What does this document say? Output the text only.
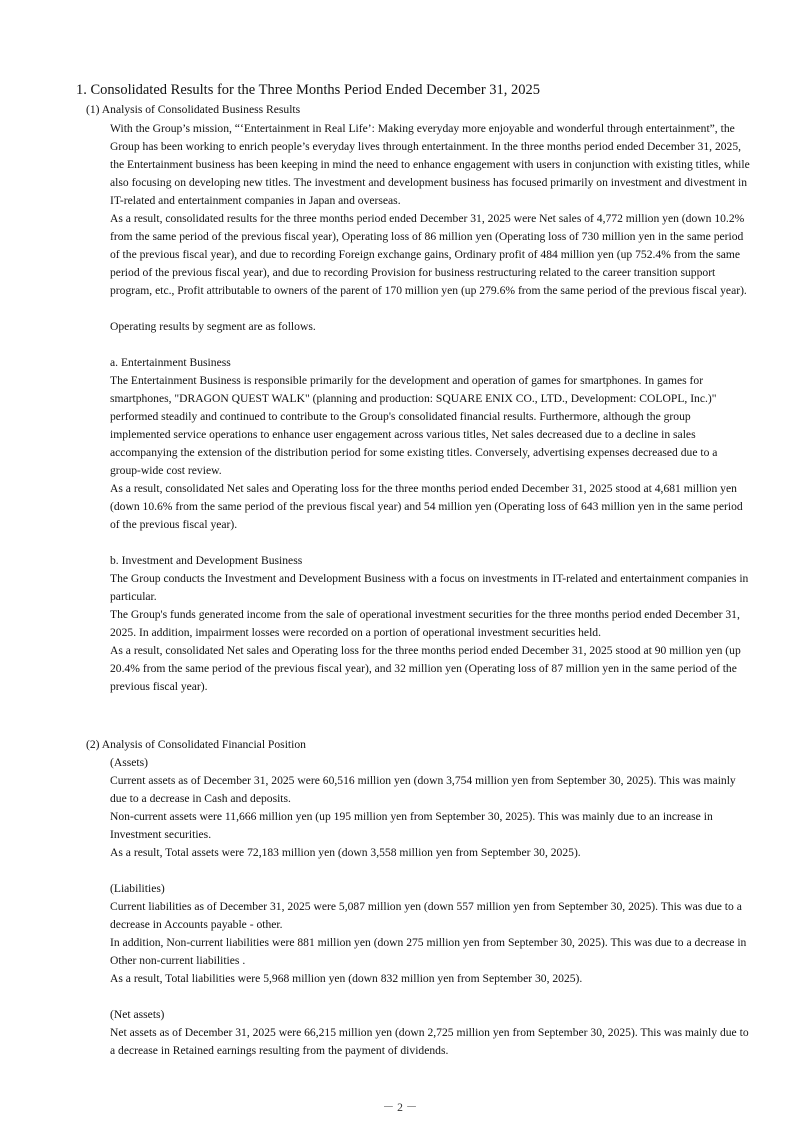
1. Consolidated Results for the Three Months Period Ended December 31, 2025
(1) Analysis of Consolidated Business Results

With the Group’s mission, “‘Entertainment in Real Life’: Making everyday more enjoyable and wonderful through entertainment”, the Group has been working to enrich people’s everyday lives through entertainment. In the three months period ended December 31, 2025, the Entertainment business has been keeping in mind the need to enhance engagement with users in conjunction with existing titles, while also focusing on developing new titles. The investment and development business has focused primarily on investment and divestment in IT-related and entertainment companies in Japan and overseas.

As a result, consolidated results for the three months period ended December 31, 2025 were Net sales of 4,772 million yen (down 10.2% from the same period of the previous fiscal year), Operating loss of 86 million yen (Operating loss of 730 million yen in the same period of the previous fiscal year), and due to recording Foreign exchange gains, Ordinary profit of 484 million yen (up 752.4% from the same period of the previous fiscal year), and due to recording Provision for business restructuring related to the career transition support program, etc., Profit attributable to owners of the parent of 170 million yen (up 279.6% from the same period of the previous fiscal year).

Operating results by segment are as follows.

a. Entertainment Business

The Entertainment Business is responsible primarily for the development and operation of games for smartphones. In games for smartphones, "DRAGON QUEST WALK" (planning and production: SQUARE ENIX CO., LTD., Development: COLOPL, Inc.)" performed steadily and continued to contribute to the Group's consolidated financial results. Furthermore, although the group implemented service operations to enhance user engagement across various titles, Net sales decreased due to a decline in sales accompanying the extension of the distribution period for some existing titles. Conversely, advertising expenses decreased due to a group-wide cost review.

As a result, consolidated Net sales and Operating loss for the three months period ended December 31, 2025 stood at 4,681 million yen (down 10.6% from the same period of the previous fiscal year) and 54 million yen (Operating loss of 643 million yen in the same period of the previous fiscal year).

b. Investment and Development Business

The Group conducts the Investment and Development Business with a focus on investments in IT-related and entertainment companies in particular.

The Group's funds generated income from the sale of operational investment securities for the three months period ended December 31, 2025. In addition, impairment losses were recorded on a portion of operational investment securities held.

As a result, consolidated Net sales and Operating loss for the three months period ended December 31, 2025 stood at 90 million yen (up 20.4% from the same period of the previous fiscal year), and 32 million yen (Operating loss of 87 million yen in the same period of the previous fiscal year).

(2) Analysis of Consolidated Financial Position

(Assets)

Current assets as of December 31, 2025 were 60,516 million yen (down 3,754 million yen from September 30, 2025). This was mainly due to a decrease in Cash and deposits.

Non-current assets were 11,666 million yen (up 195 million yen from September 30, 2025). This was mainly due to an increase in Investment securities.

As a result, Total assets were 72,183 million yen (down 3,558 million yen from September 30, 2025).

(Liabilities)

Current liabilities as of December 31, 2025 were 5,087 million yen (down 557 million yen from September 30, 2025). This was due to a decrease in Accounts payable - other.

In addition, Non-current liabilities were 881 million yen (down 275 million yen from September 30, 2025). This was due to a decrease in Other non-current liabilities .

As a result, Total liabilities were 5,968 million yen (down 832 million yen from September 30, 2025).

(Net assets)

Net assets as of December 31, 2025 were 66,215 million yen (down 2,725 million yen from September 30, 2025). This was mainly due to a decrease in Retained earnings resulting from the payment of dividends.

－ 2 －
